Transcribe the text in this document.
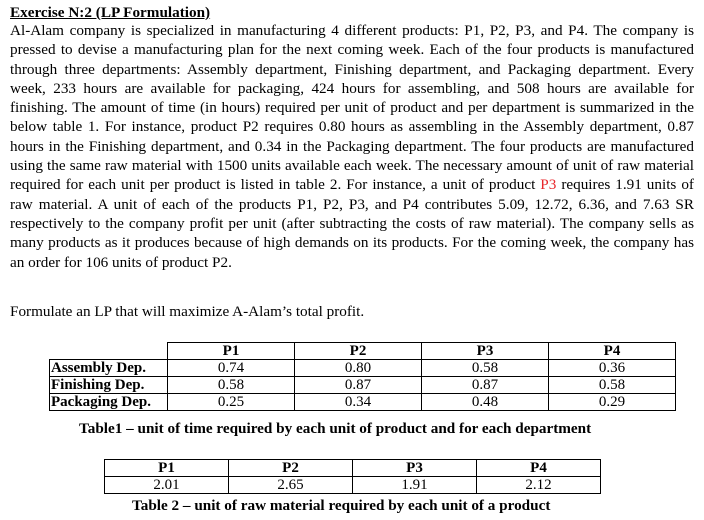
Exercise N:2 (LP Formulation)

Al-Alam company is specialized in manufacturing 4 different products: P1, P2, P3, and P4. The company is pressed to devise a manufacturing plan for the next coming week. Each of the four products is manufactured through three departments: Assembly department, Finishing department, and Packaging department. Every week, 233 hours are available for packaging, 424 hours for assembling, and 508 hours are available for finishing. The amount of time (in hours) required per unit of product and per department is summarized in the below table 1. For instance, product P2 requires 0.80 hours as assembling in the Assembly department, 0.87 hours in the Finishing department, and 0.34 in the Packaging department. The four products are manufactured using the same raw material with 1500 units available each week. The necessary amount of unit of raw material required for each unit per product is listed in table 2. For instance, a unit of product P3 requires 1.91 units of raw material. A unit of each of the products P1, P2, P3, and P4 contributes 5.09, 12.72, 6.36, and 7.63 SR respectively to the company profit per unit (after subtracting the costs of raw material). The company sells as many products as it produces because of high demands on its products. For the coming week, the company has an order for 106 units of product P2.

Formulate an LP that will maximize A-Alam’s total profit.
	P1	P2	P3	P4
Assembly Dep.	0.74	0.80	0.58	0.36
Finishing Dep.	0.58	0.87	0.87	0.58
Packaging Dep.	0.25	0.34	0.48	0.29
Table1 – unit of time required by each unit of product and for each department
P1	P2	P3	P4
2.01	2.65	1.91	2.12
Table 2 – unit of raw material required by each unit of a product
